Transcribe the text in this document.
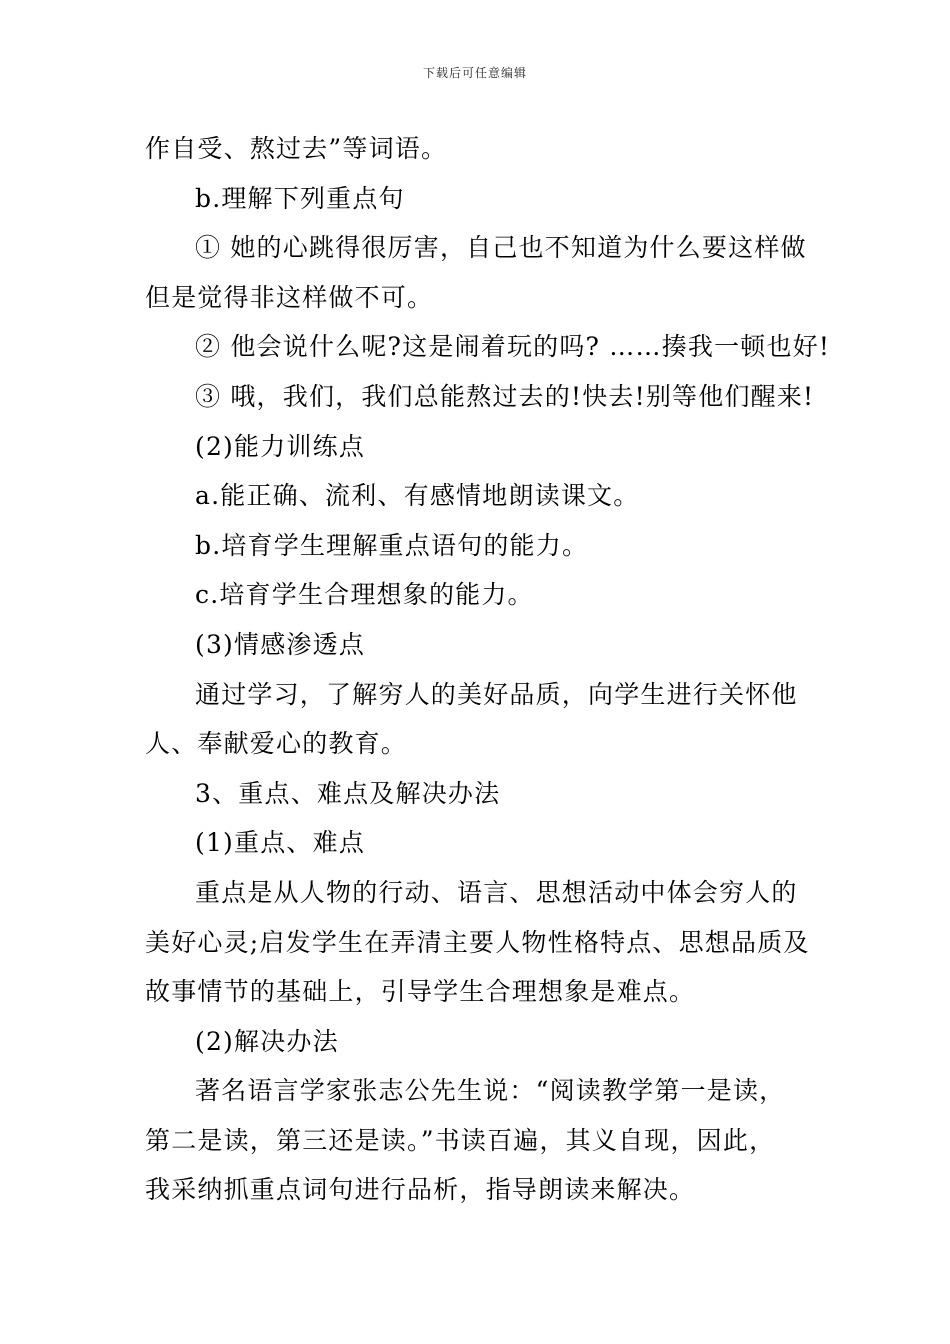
下载后可任意编辑
作自受、熬过去”等词语。
b.理解下列重点句
① 她的心跳得很厉害，自己也不知道为什么要这样做
但是觉得非这样做不可。
② 他会说什么呢?这是闹着玩的吗? ……揍我一顿也好!
③ 哦，我们，我们总能熬过去的!快去!别等他们醒来!
(2)能力训练点
a.能正确、流利、有感情地朗读课文。
b.培育学生理解重点语句的能力。
c.培育学生合理想象的能力。
(3)情感渗透点
通过学习，了解穷人的美好品质，向学生进行关怀他
人、奉献爱心的教育。
3、重点、难点及解决办法
(1)重点、难点
重点是从人物的行动、语言、思想活动中体会穷人的
美好心灵;启发学生在弄清主要人物性格特点、思想品质及
故事情节的基础上，引导学生合理想象是难点。
(2)解决办法
著名语言学家张志公先生说：“阅读教学第一是读，
第二是读，第三还是读。”书读百遍，其义自现，因此，
我采纳抓重点词句进行品析，指导朗读来解决。
